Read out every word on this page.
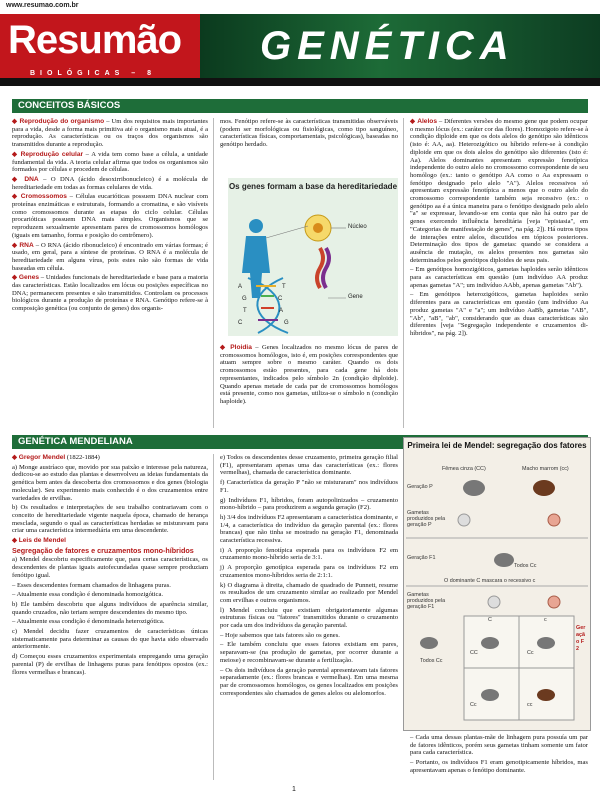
www.resumao.com.br
Resumão
BIOLÓGICAS – 8
GENÉTICA
CONCEITOS BÁSICOS

◆ Reprodução do organismo – Um dos requisitos mais importantes para a vida, desde a forma mais primitiva até o organismo mais atual, é a reprodução. As características ou os traços dos organismos são transmitidos durante a reprodução.

◆ Reprodução celular – A vida tem como base a célula, a unidade fundamental da vida. A teoria celular afirma que todos os organismos são formados por células e procedem de células.

◆ DNA – O DNA (ácido desoxirribonucleico) é a molécula de hereditariedade em todas as formas celulares de vida.

◆ Cromossomos – Células eucarióticas possuem DNA nuclear com proteínas enzimáticas e estruturais, formando a cromatina, e são visíveis como cromossomos durante as etapas do ciclo celular. Células procarióticas possuem DNA mais simples. Organismos que se reproduzem sexualmente apresentam pares de cromossomos homólogos (iguais em tamanho, forma e posição do centrômero).

◆ RNA – O RNA (ácido ribonucleico) é encontrado em várias formas; é usado, em geral, para a síntese de proteínas. O RNA é a molécula de hereditariedade em alguns vírus, pois estes não são formas de vida baseadas em célula.

◆ Genes – Unidades funcionais de hereditariedade e base para a maioria das características. Estão localizados em lócus ou posições específicas no DNA; permanecem presentes e são transmitidos. Controlam os processos biológicos durante a produção de proteínas e RNA. Genótipo refere-se à composição genética (ou conjunto de genes) dos organis-

mos. Fenótipo refere-se às características transmitidas observáveis (podem ser morfológicas ou fisiológicas, como tipo sanguíneo, características físicas, comportamentais, psicológicas), baseadas no genótipo herdado.

Os genes formam a base da hereditariedade
Núcleo
Gene
A	T
G	C
T	A
C	G

◆ Ploidia – Genes localizados no mesmo lócus de pares de cromossomos homólogos, isto é, em posições correspondentes que atuam sempre sobre o mesmo caráter. Quando os dois cromossomos estão presentes, para cada gene há dois representantes, indicados pelo símbolo 2n (condição diploide). Quando apenas metade de cada par de cromossomos homólogos está presente, como nos gametas, utiliza-se o símbolo n (condição haploide).

◆ Alelos – Diferentes versões do mesmo gene que podem ocupar o mesmo lócus (ex.: caráter cor das flores). Homozigoto refere-se à condição diploide em que os dois alelos do genótipo são idênticos (isto é: AA, aa). Heterozigótico ou híbrido refere-se à condição diploide em que os dois alelos do genótipo são diferentes (isto é: Aa). Alelos dominantes apresentam expressão fenotípica independente do outro alelo no cromossomo correspondente de seu homólogo (ex.: tanto o genótipo AA como o Aa expressam o fenótipo designado pelo alelo "A"). Alelos recessivos só apresentam expressão fenotípica a menos que o outro alelo do cromossomo correspondente também seja recessivo (ex.: o genótipo aa é a única maneira para o fenótipo designado pelo alelo "a" se expressar, levando-se em conta que não há outro par de genes exercendo influência hereditária [veja "epistasia", em "Categorias de manifestação de genes", na pág. 2]). Há outros tipos de interações entre alelos, discutidos em tópicos posteriores. Determinação dos tipos de gametas: quando se considera a ausência de mutação, os alelos presentes nos gametas são determinados pelos genótipos diploides de seus pais.

– Em genótipos homozigóticos, gametas haploides serão idênticos para as características em questão (um indivíduo AA produz apenas gametas "A"; um indivíduo AAbb, apenas gametas "Ab").

– Em genótipos heterozigóticos, gametas haploides serão diferentes para as características em questão (um indivíduo Aa produz gametas "A" e "a"; um indivíduo AaBb, gametas "AB", "Ab", "aB", "ab", considerando que as duas características são diferentes [veja "Segregação independente e cruzamentos di-híbridos", na pág. 2]).

GENÉTICA MENDELIANA

◆ Gregor Mendel (1822-1884)

a) Monge austríaco que, movido por sua paixão e interesse pela natureza, dedicou-se ao estudo das plantas e desenvolveu as ideias fundamentais da genética bem antes da descoberta dos cromossomos e dos genes (biologia molecular). Seu experimento mais conhecido é o dos cruzamentos entre variedades de ervilhas.

b) Os resultados e interpretações de seu trabalho contrariavam com o conceito de hereditariedade vigente naquela época, chamado de herança mesclada, segundo o qual as características herdadas se misturavam para criar uma característica intermediária em uma descendente.

◆ Leis de Mendel

Segregação de fatores e cruzamentos mono-híbridos

a) Mendel descobriu especificamente que, para certas características, os descendentes de plantas iguais autofecundadas quase sempre produziam fenótipo igual.

– Esses descendentes formam chamados de linhagens puras.

– Atualmente essa condição é denominada homozigótica.

b) Ele também descobriu que alguns indivíduos de aparência similar, quando cruzados, não teriam sempre descendentes do mesmo tipo.

– Atualmente essa condição é denominada heterozigótica.

c) Mendel decidiu fazer cruzamentos de características únicas sistematicamente para determinar as causas do que havia sido observado anteriormente.

d) Começou esses cruzamentos experimentais empregando uma geração parental (P) de ervilhas de linhagens puras para fenótipos opostos (ex.: flores vermelhas e brancas).

e) Todos os descendentes desse cruzamento, primeira geração filial (F1), apresentaram apenas uma das características (ex.: flores vermelhas), chamada de característica dominante.

f) Característica da geração P "não se misturaram" nos indivíduos F1.

g) Indivíduos F1, híbridos, foram autopolinizados – cruzamento mono-híbrido – para produzirem a segunda geração (F2).

h) 3/4 dos indivíduos F2 apresentaram a característica dominante, e 1/4, a característica do indivíduo da geração parental (ex.: flores brancas) que não tinha se mostrado na geração F1, denominada característica recessiva.

i) A proporção fenotípica esperada para os indivíduos F2 em cruzamento mono-híbrido seria de 3:1.

j) A proporção genotípica esperada para os indivíduos F2 em cruzamentos mono-híbridos seria de 2:1:1.

k) O diagrama à direita, chamado de quadrado de Punnett, resume os resultados de um cruzamento similar ao realizado por Mendel com ervilhas e outros organismos.

l) Mendel concluiu que existiam obrigatoriamente algumas estruturas físicas ou "fatores" transmitidos durante o cruzamento por cada um dos indivíduos da geração parental.

– Hoje sabemos que tais fatores são os genes.

– Ele também concluiu que esses fatores existiam em pares, separavam-se (na produção de gametas, por ocorrer durante a meiose) e recombinavam-se durante a fertilização.

– Os dois indivíduos da geração parental apresentavam tais fatores separadamente (ex.: flores brancas e vermelhas). Em uma mesma par de cromossomos homólogos, os genes localizados em posições correspondentes são chamados de genes alelos ou alelomorfos.

Primeira lei de Mendel: segregação dos fatores
Fêmea cinza (CC)	Macho marrom (cc)
Geração P
Gametas produzidos pela geração P
Geração F1
Todos Cc
O dominante C mascara o recessivo c
Gametas produzidos pela geração F1
C	c
CC	Cc
Cc	cc
Todos Cc
Geração F2

– Cada uma dessas plantas-mãe de linhagem pura possuía um par de fatores idênticos, porém seus gametas tinham somente um fator para cada característica.

– Portanto, os indivíduos F1 eram genotipicamente híbridos, mas apresentavam apenas o fenótipo dominante.

1
